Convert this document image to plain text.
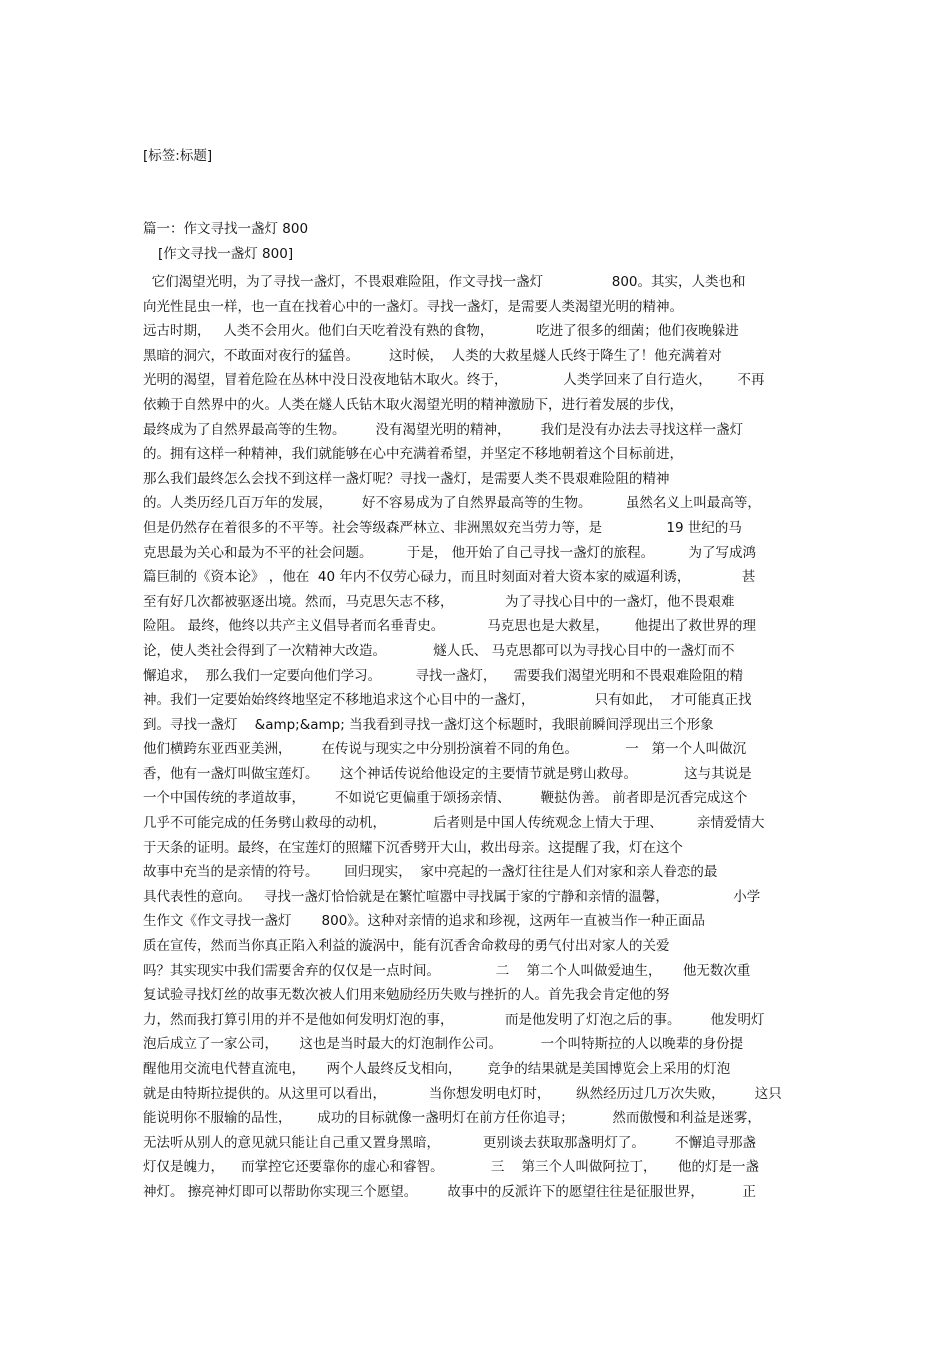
[标签:标题]
篇一：作文寻找一盏灯 800
[作文寻找一盏灯 800]
它们渴望光明，为了寻找一盏灯，不畏艰难险阻，作文寻找一盏灯                800。其实，人类也和
向光性昆虫一样，也一直在找着心中的一盏灯。寻找一盏灯，是需要人类渴望光明的精神。
远古时期，   人类不会用火。他们白天吃着没有熟的食物，          吃进了很多的细菌；他们夜晚躲进
黑暗的洞穴，不敢面对夜行的猛兽。       这时候，  人类的大救星燧人氏终于降生了！他充满着对
光明的渴望，冒着危险在丛林中没日没夜地钻木取火。终于，             人类学回来了自行造火，      不再
依赖于自然界中的火。人类在燧人氏钻木取火渴望光明的精神激励下，进行着发展的步伐，
最终成为了自然界最高等的生物。       没有渴望光明的精神，       我们是没有办法去寻找这样一盏灯
的。拥有这样一种精神，我们就能够在心中充满着希望，并坚定不移地朝着这个目标前进，
那么我们最终怎么会找不到这样一盏灯呢？寻找一盏灯，是需要人类不畏艰难险阻的精神
的。人类历经几百万年的发展，       好不容易成为了自然界最高等的生物。        虽然名义上叫最高等，
但是仍然存在着很多的不平等。社会等级森严林立、非洲黑奴充当劳力等，是               19 世纪的马
克思最为关心和最为不平的社会问题。        于是， 他开始了自己寻找一盏灯的旅程。        为了写成鸿
篇巨制的《资本论》 ，他在  40 年内不仅劳心碌力，而且时刻面对着大资本家的威逼利诱，            甚
至有好几次都被驱逐出境。然而，马克思矢志不移，            为了寻找心目中的一盏灯，他不畏艰难
险阻。 最终，他终以共产主义倡导者而名垂青史。          马克思也是大救星，      他提出了救世界的理
论，使人类社会得到了一次精神大改造。           燧人氏、 马克思都可以为寻找心目中的一盏灯而不
懈追求，  那么我们一定要向他们学习。        寻找一盏灯，    需要我们渴望光明和不畏艰难险阻的精
神。我们一定要始始终终地坚定不移地追求这个心目中的一盏灯，              只有如此，  才可能真正找
到。寻找一盏灯    &amp;&amp; 当我看到寻找一盏灯这个标题时，我眼前瞬间浮现出三个形象
他们横跨东亚西亚美洲，       在传说与现实之中分别扮演着不同的角色。           一   第一个人叫做沉
香，他有一盏灯叫做宝莲灯。     这个神话传说给他设定的主要情节就是劈山救母。           这与其说是
一个中国传统的孝道故事，       不如说它更偏重于颂扬亲情、       鞭挞伪善。 前者即是沉香完成这个
几乎不可能完成的任务劈山救母的动机，           后者则是中国人传统观念上情大于理、        亲情爱情大
于天条的证明。最终，在宝莲灯的照耀下沉香劈开大山，救出母亲。这提醒了我，灯在这个
故事中充当的是亲情的符号。      回归现实，  家中亮起的一盏灯往往是人们对家和亲人眷恋的最
具代表性的意向。   寻找一盏灯恰恰就是在繁忙喧嚣中寻找属于家的宁静和亲情的温馨，               小学
生作文《作文寻找一盏灯       800》。这种对亲情的追求和珍视，这两年一直被当作一种正面品
质在宣传，然而当你真正陷入利益的漩涡中，能有沉香舍命救母的勇气付出对家人的关爱
吗？其实现实中我们需要舍弃的仅仅是一点时间。             二    第二个人叫做爱迪生，     他无数次重
复试验寻找灯丝的故事无数次被人们用来勉励经历失败与挫折的人。首先我会肯定他的努
力，然而我打算引用的并不是他如何发明灯泡的事，            而是他发明了灯泡之后的事。       他发明灯
泡后成立了一家公司，     这也是当时最大的灯泡制作公司。         一个叫特斯拉的人以晚辈的身份提
醒他用交流电代替直流电，     两个人最终反戈相向，      竞争的结果就是美国博览会上采用的灯泡
就是由特斯拉提供的。从这里可以看出，          当你想发明电灯时，      纵然经历过几万次失败，       这只
能说明你不服输的品性，      成功的目标就像一盏明灯在前方任你追寻；         然而傲慢和利益是迷雾，
无法听从别人的意见就只能让自己重又置身黑暗，          更别谈去获取那盏明灯了。       不懈追寻那盏
灯仅是魄力，    而掌控它还要靠你的虚心和睿智。           三    第三个人叫做阿拉丁，     他的灯是一盏
神灯。 擦亮神灯即可以帮助你实现三个愿望。       故事中的反派许下的愿望往往是征服世界，         正
